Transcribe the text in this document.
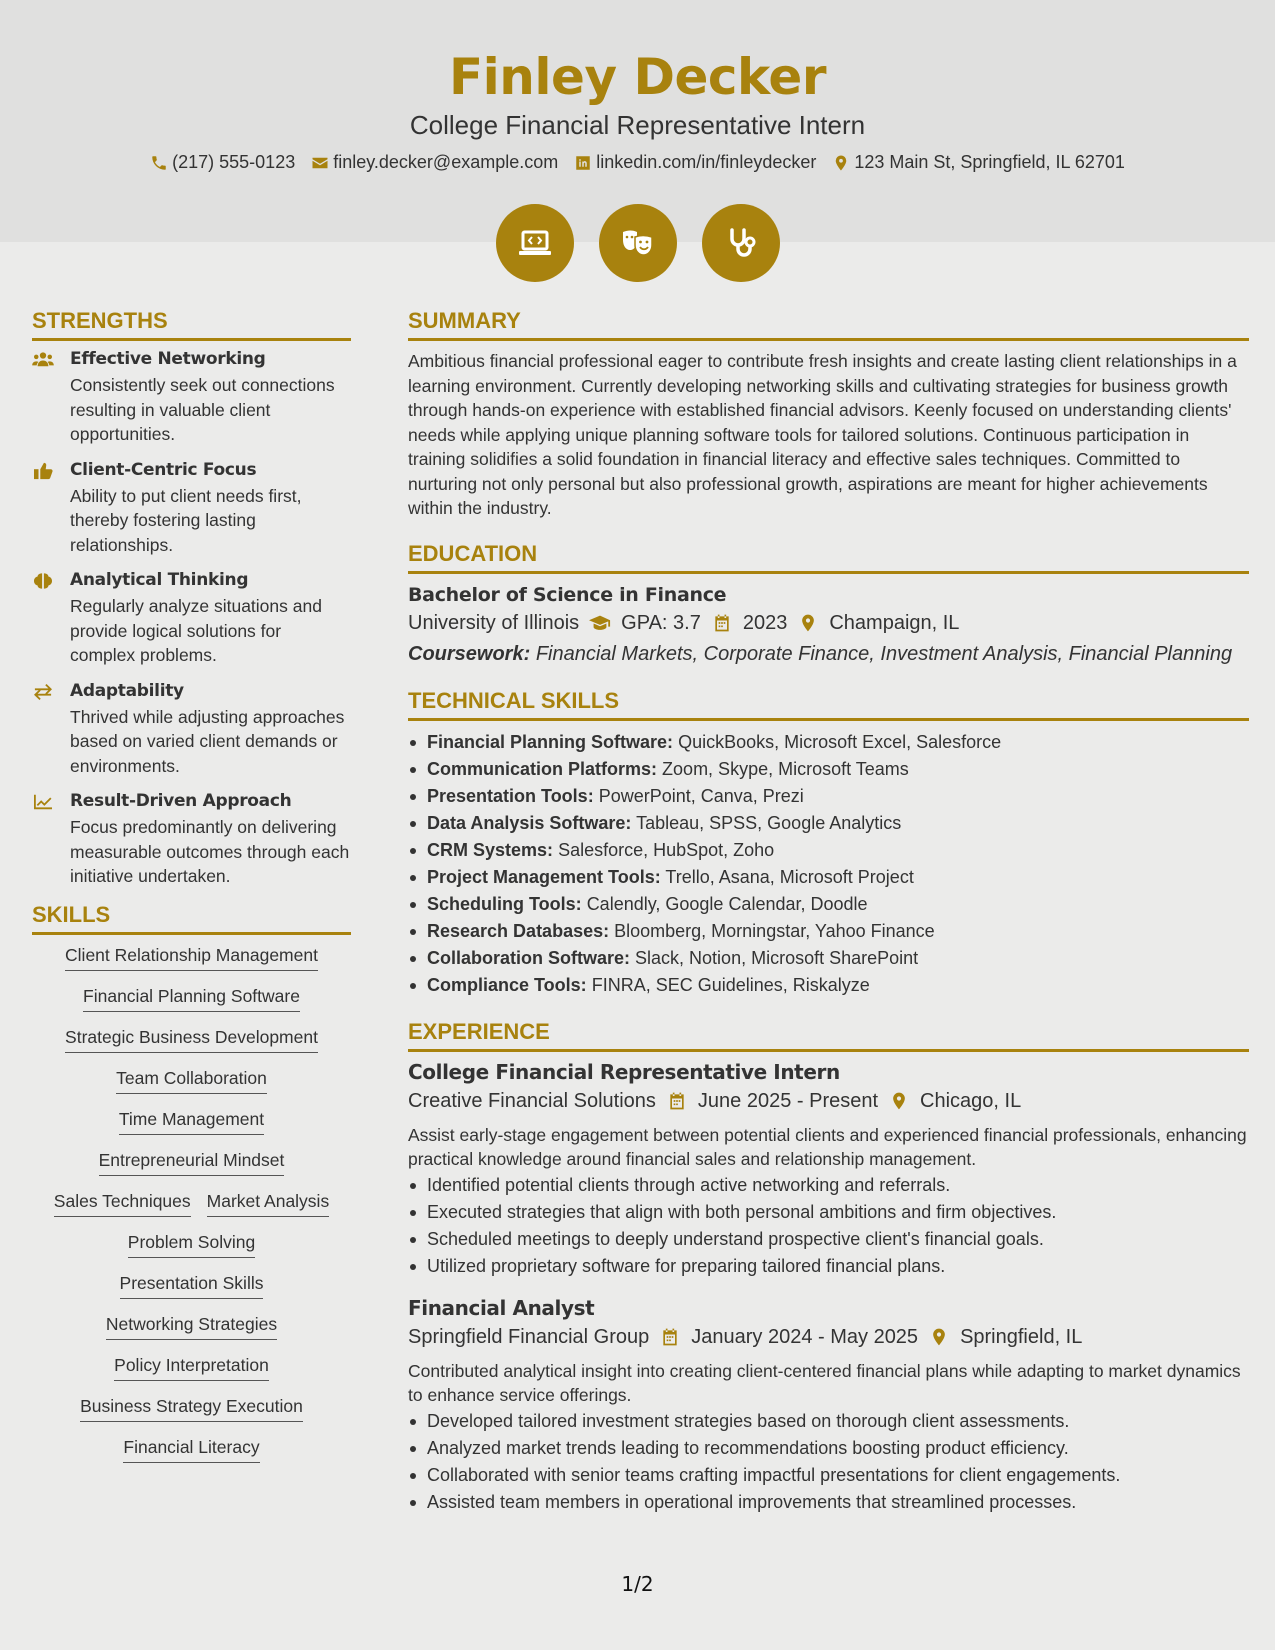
Finley Decker
College Financial Representative Intern
(217) 555-0123 finley.decker@example.com linkedin.com/in/finleydecker 123 Main St, Springfield, IL 62701
STRENGTHS
Effective Networking
Consistently seek out connections resulting in valuable client opportunities.
Client-Centric Focus
Ability to put client needs first, thereby fostering lasting relationships.
Analytical Thinking
Regularly analyze situations and provide logical solutions for complex problems.
Adaptability
Thrived while adjusting approaches based on varied client demands or environments.
Result-Driven Approach
Focus predominantly on delivering measurable outcomes through each initiative undertaken.
SKILLS
Client Relationship Management
Financial Planning Software
Strategic Business Development
Team Collaboration
Time Management
Entrepreneurial Mindset
Sales Techniques Market Analysis
Problem Solving
Presentation Skills
Networking Strategies
Policy Interpretation
Business Strategy Execution
Financial Literacy
SUMMARY
Ambitious financial professional eager to contribute fresh insights and create lasting client relationships in a learning environment. Currently developing networking skills and cultivating strategies for business growth through hands-on experience with established financial advisors. Keenly focused on understanding clients' needs while applying unique planning software tools for tailored solutions. Continuous participation in training solidifies a solid foundation in financial literacy and effective sales techniques. Committed to nurturing not only personal but also professional growth, aspirations are meant for higher achievements within the industry.
EDUCATION
Bachelor of Science in Finance
University of Illinois GPA: 3.7 2023 Champaign, IL
Coursework: Financial Markets, Corporate Finance, Investment Analysis, Financial Planning
TECHNICAL SKILLS
Financial Planning Software: QuickBooks, Microsoft Excel, Salesforce
Communication Platforms: Zoom, Skype, Microsoft Teams
Presentation Tools: PowerPoint, Canva, Prezi
Data Analysis Software: Tableau, SPSS, Google Analytics
CRM Systems: Salesforce, HubSpot, Zoho
Project Management Tools: Trello, Asana, Microsoft Project
Scheduling Tools: Calendly, Google Calendar, Doodle
Research Databases: Bloomberg, Morningstar, Yahoo Finance
Collaboration Software: Slack, Notion, Microsoft SharePoint
Compliance Tools: FINRA, SEC Guidelines, Riskalyze
EXPERIENCE
College Financial Representative Intern
Creative Financial Solutions June 2025 - Present Chicago, IL
Assist early-stage engagement between potential clients and experienced financial professionals, enhancing practical knowledge around financial sales and relationship management.
Identified potential clients through active networking and referrals.
Executed strategies that align with both personal ambitions and firm objectives.
Scheduled meetings to deeply understand prospective client's financial goals.
Utilized proprietary software for preparing tailored financial plans.
Financial Analyst
Springfield Financial Group January 2024 - May 2025 Springfield, IL
Contributed analytical insight into creating client-centered financial plans while adapting to market dynamics to enhance service offerings.
Developed tailored investment strategies based on thorough client assessments.
Analyzed market trends leading to recommendations boosting product efficiency.
Collaborated with senior teams crafting impactful presentations for client engagements.
Assisted team members in operational improvements that streamlined processes.
1/2
